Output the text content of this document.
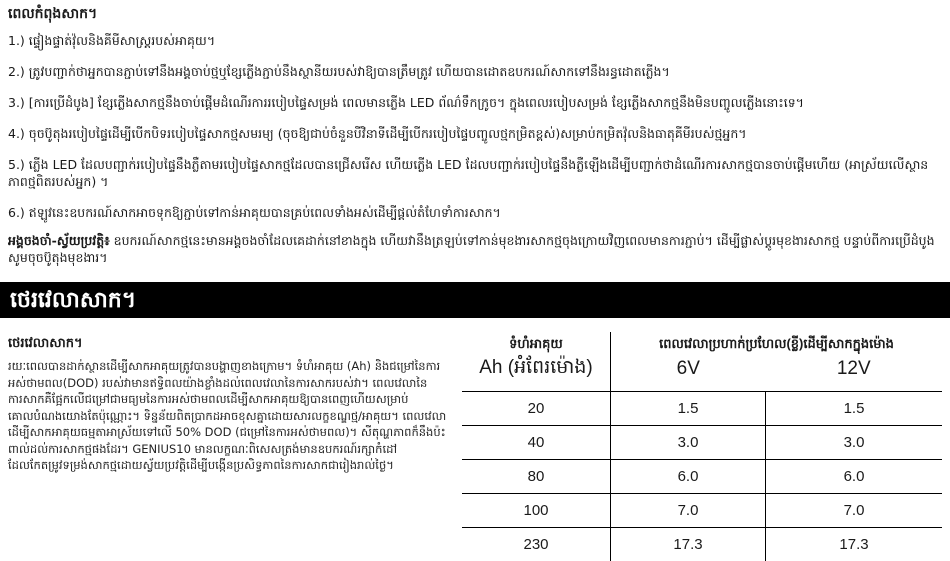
ពេលកំពុងសាក។

1.) ផ្ទៀងផ្ទាត់វ៉ុលនិងគីមីសាស្ត្ររបស់អាគុយ។

2.) ត្រូវបញ្ជាក់ថាអ្នកបានភ្ជាប់ទៅនឹងអង្គចាប់ថ្មឬខ្សែភ្លើងភ្ជាប់នឹងស្ថានីយរបស់វាឱ្យបានត្រឹមត្រូវ ហើយបានដោតឧបករណ៍សាកទៅនឹងរន្ធដោតភ្លើង។

3.) [ការប្រើដំបូង] ខ្សែភ្លើងសាកថ្មនឹងចាប់ផ្ដើមដំណើរការរបៀបផ្ទៃសម្រង់ ពេលមានភ្លើង LED ព័ណ៌ទឹកក្រូច។ ក្នុងពេលរបៀបសម្រង់ ខ្សែភ្លើងសាកថ្មនឹងមិនបញ្ចូលភ្លើងនោះទេ។

4.) ចុចប៊ូតុងរបៀបផ្ទៃដើម្បីបើកបិទរបៀបផ្ទៃសាកថ្មសមរម្យ (ចុចឱ្យជាប់ចំនួនបីវិនាទីដើម្បីបើករបៀបផ្ទៃបញ្ចូលថ្មកម្រិតខ្ពស់)សម្រាប់កម្រិតវ៉ុលនិងធាតុគីមីរបស់ថ្មអ្នក។

5.) ភ្លើង LED ដែលបញ្ជាក់របៀបផ្ទៃនឹងភ្លឺតាមរបៀបផ្ទៃសាកថ្មដែលបានជ្រើសរើស ហើយភ្លើង LED ដែលបញ្ជាក់របៀបផ្ទៃនឹងភ្លឺឡើងដើម្បីបញ្ជាក់ថាដំណើរការសាកថ្មបានចាប់ផ្តើមហើយ (អាស្រ័យលើស្ថានភាពថ្មពិតរបស់អ្នក) ។

6.) ឥឡូវនេះឧបករណ៍សាកអាចទុកឱ្យភ្ជាប់ទៅកាន់អាគុយបានគ្រប់ពេលទាំងអស់ដើម្បីផ្តល់តំហែទាំការសាក។

អង្គចងចាំ-ស្វ័យប្រវត្តិ៖ ឧបករណ៍សាកថ្មនេះមានអង្គចងចាំដែលគេដាក់នៅខាងក្នុង ហើយវានឹងត្រឡប់ទៅកាន់មុខងារសាកថ្មចុងក្រោយវិញពេលមានការភ្ជាប់។ ដើម្បីផ្លាស់ប្តូរមុខងារសាកថ្ម បន្ទាប់ពីការប្រើដំបូង សូមចុចប៊ូតុងមុខងារ។
ថេរវេលាសាក។
ថេរវេលាសាក។
រយៈពេលបានដាក់ស្ថានដើម្បីសាកអាគុយត្រូវបានបង្ហាញខាងក្រោម។ ទំហំអាគុយ (Ah) និងជម្រៅនៃការអស់ថាមពល(DOD) របស់វាមានឥទ្ធិពលយ៉ាងខ្លាំងដល់ពេលវេលានៃការសាករបស់វា។ ពេលវេលានៃការសាកគឺផ្អែកលើជម្រៅជាមធ្យមនៃការអស់ថាមពលដើម្បីសាកអាគុយឱ្យបានពេញហើយសម្រាប់គោលបំណងយោងតែប៉ុណ្ណោះ។ ទិន្នន័យពិតប្រាកដអាចខុសគ្នាដោយសារលក្ខខណ្ឌថ្ម/អាគុយ។ ពេលវេលាដើម្បីសាកអាគុយធម្មតាអាស្រ័យទៅលើ 50% DOD (ជម្រៅនៃការអស់ថាមពល)។ សីតុណ្ហភាពក៏នឹងប៉ះពាល់ដល់ការសាកថ្មផងដែរ។ GENIUS10 មានលក្ខណៈពិសេសត្រង់មានឧបករណ៍រក្សាកំដៅដែលកែតម្រូវទម្រង់សាកថ្មដោយស្វ័យប្រវត្តិដើម្បីបង្កើនប្រសិទ្ធភាពនៃការសាកជារៀងរាល់ថ្ងៃ។
ទំហំអាគុយ	ពេលវេលាប្រហាក់ប្រហែល(ខ្លី)ដើម្បីសាកក្នុងម៉ោង	
Ah (អំពែរម៉ោង)	6V	12V
20	1.5	1.5
40	3.0	3.0
80	6.0	6.0
100	7.0	7.0
230	17.3	17.3
